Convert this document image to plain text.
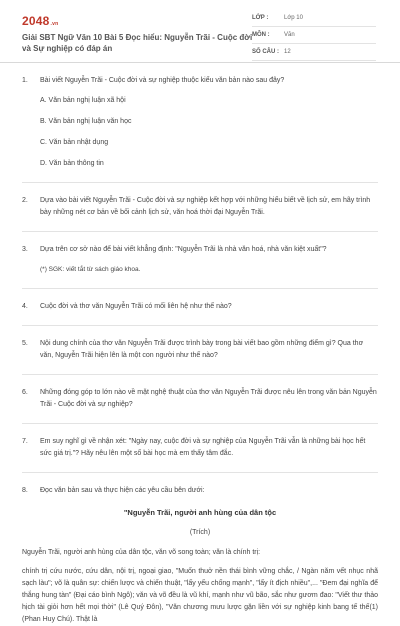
2048.vn
Giải SBT Ngữ Văn 10 Bài 5 Đọc hiểu: Nguyễn Trãi - Cuộc đời và Sự nghiệp có đáp án
LỚP :	Lớp 10
MÔN :	Văn
SỐ CÂU : 12
1.	Bài viết Nguyễn Trãi - Cuộc đời và sự nghiệp thuộc kiểu văn bản nào sau đây?
A. Văn bản nghị luận xã hội
B. Văn bản nghị luận văn học
C. Văn bản nhật dụng
D. Văn bản thông tin
2.	Dựa vào bài viết Nguyễn Trãi - Cuộc đời và sự nghiệp kết hợp với những hiểu biết về lịch sử, em hãy trình bày những nét cơ bản về bối cảnh lịch sử, văn hoá thời đại Nguyễn Trãi.
3.	Dựa trên cơ sở nào để bài viết khẳng định: "Nguyễn Trãi là nhà văn hoá, nhà văn kiệt xuất"?
(*) SGK: viết tắt từ sách giáo khoa.
4.	Cuộc đời và thơ văn Nguyễn Trãi có mối liên hệ như thế nào?
5.	Nội dung chính của thơ văn Nguyễn Trãi được trình bày trong bài viết bao gồm những điểm gì? Qua thơ văn, Nguyễn Trãi hiện lên là một con người như thế nào?
6.	Những đóng góp to lớn nào về mặt nghệ thuật của thơ văn Nguyễn Trãi được nêu lên trong văn bản Nguyễn Trãi - Cuộc đời và sự nghiệp?
7.	Em suy nghĩ gì về nhận xét: "Ngày nay, cuộc đời và sự nghiệp của Nguyễn Trãi vẫn là những bài học hết sức giá trị."? Hãy nêu lên một số bài học mà em thấy tâm đắc.
8.	Đọc văn bản sau và thực hiện các yêu cầu bên dưới:
"Nguyễn Trãi, người anh hùng của dân tộc
(Trích)
Nguyễn Trãi, người anh hùng của dân tộc, văn võ song toàn; văn là chính trị:
chính trị cứu nước, cứu dân, nội trị, ngoại giao, "Muốn thuở nền thái bình vững chắc, / Ngàn năm vết nhục nhã sạch làu"; võ là quân sự: chiến lược và chiến thuật, "lấy yếu chống mạnh", "lấy ít địch nhiều",... "Đem đại nghĩa để thắng hung tàn" (Đại cáo bình Ngô); văn và võ đều là vũ khí, mạnh như vũ bão, sắc như gươm đao: "Viết thư thảo hịch tài giỏi hơn hết mọi thời" (Lê Quý Đôn), "Văn chương mưu lược gặn liền với sự nghiệp kinh bang tế thế(1) (Phan Huy Chú). Thật là
